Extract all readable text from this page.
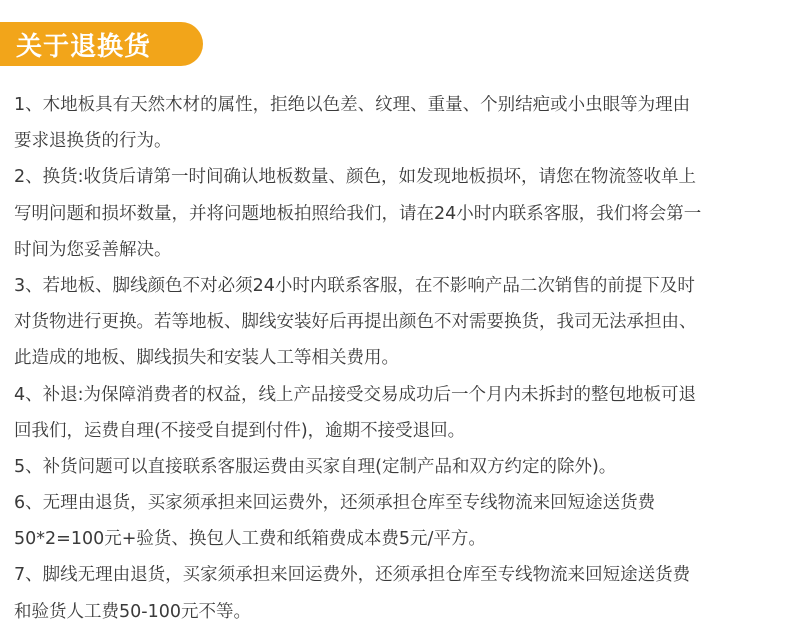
关于退换货
1、木地板具有天然木材的属性，拒绝以色差、纹理、重量、个别结疤或小虫眼等为理由
要求退换货的行为。
2、换货:收货后请第一时间确认地板数量、颜色，如发现地板损坏，请您在物流签收单上
写明问题和损坏数量，并将问题地板拍照给我们，请在24小时内联系客服，我们将会第一
时间为您妥善解决。
3、若地板、脚线颜色不对必须24小时内联系客服，在不影响产品二次销售的前提下及时
对货物进行更换。若等地板、脚线安装好后再提出颜色不对需要换货，我司无法承担由、
此造成的地板、脚线损失和安装人工等相关费用。
4、补退:为保障消费者的权益，线上产品接受交易成功后一个月内未拆封的整包地板可退
回我们，运费自理(不接受自提到付件)，逾期不接受退回。
5、补货问题可以直接联系客服运费由买家自理(定制产品和双方约定的除外)。
6、无理由退货，买家须承担来回运费外，还须承担仓库至专线物流来回短途送货费
50*2=100元+验货、换包人工费和纸箱费成本费5元/平方。
7、脚线无理由退货，买家须承担来回运费外，还须承担仓库至专线物流来回短途送货费
和验货人工费50-100元不等。
